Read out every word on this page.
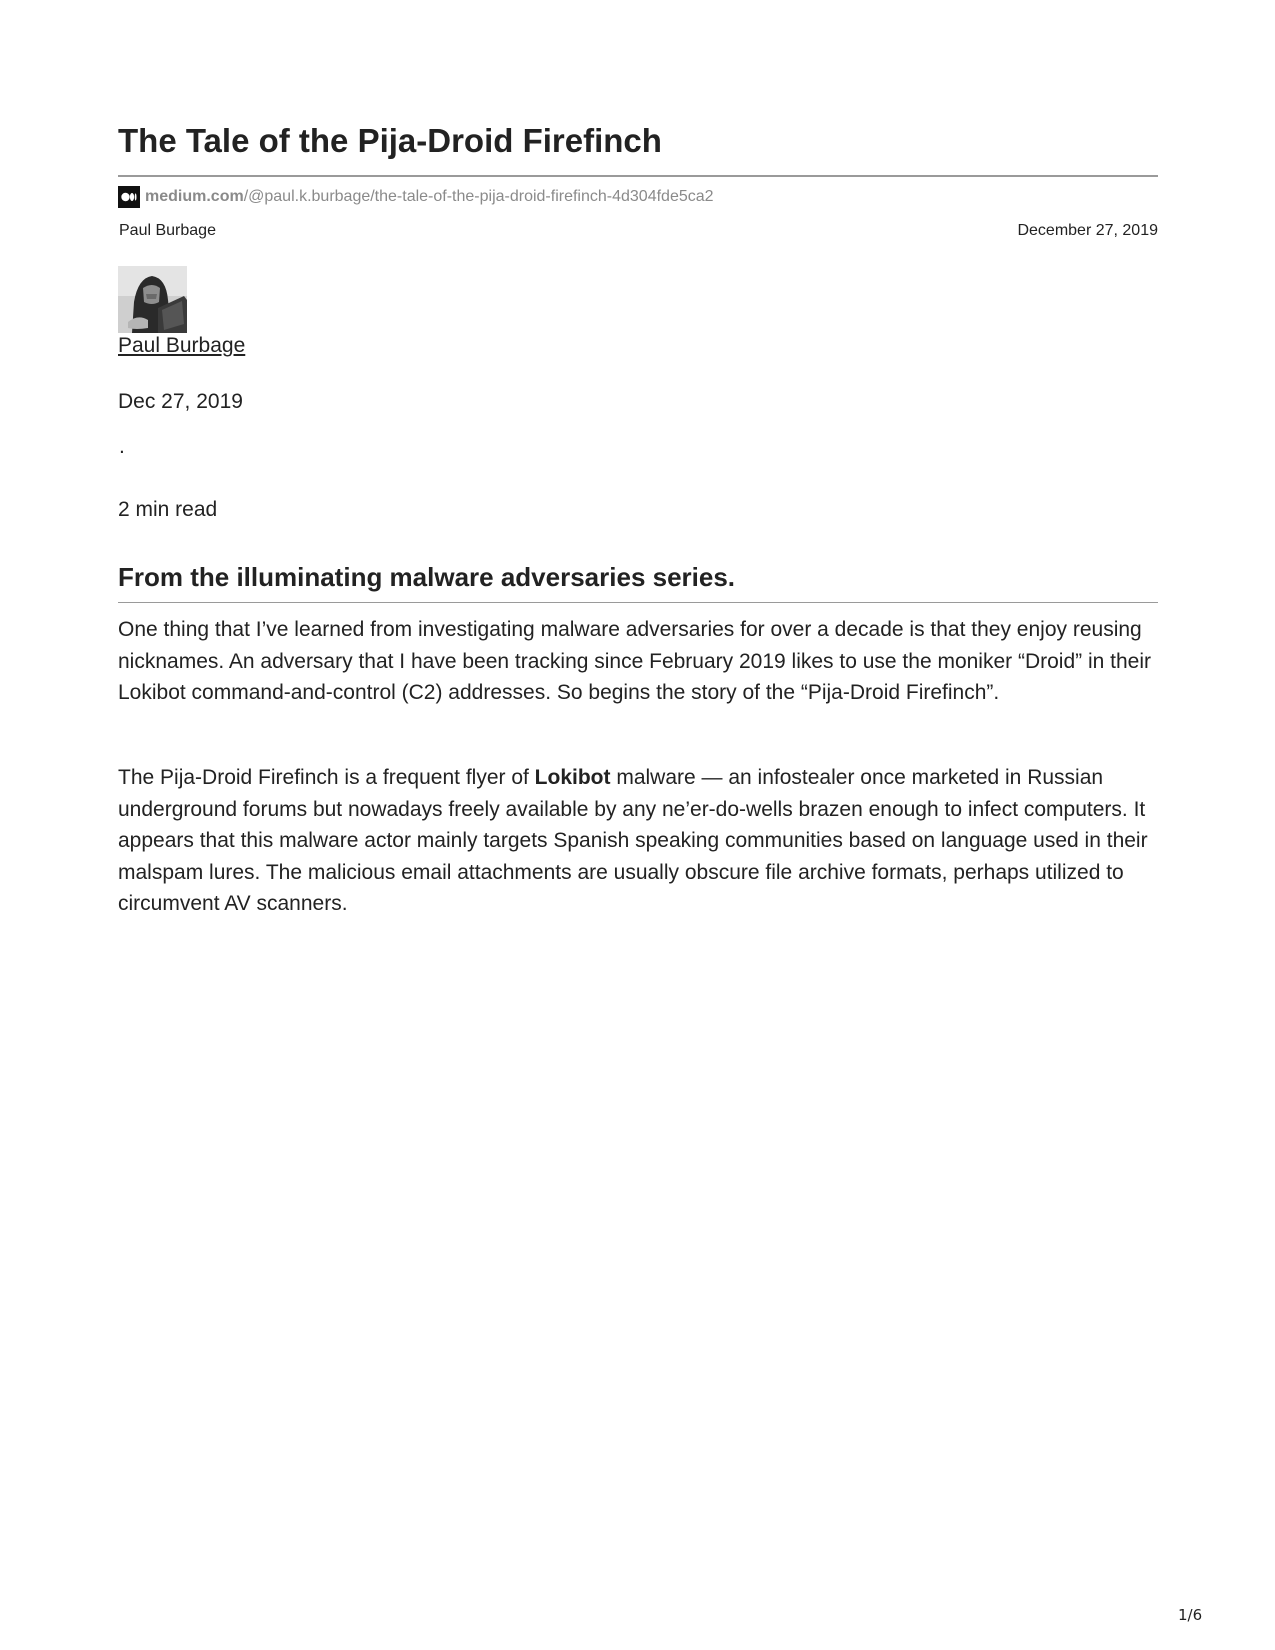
The Tale of the Pija-Droid Firefinch
medium.com /@paul.k.burbage/the-tale-of-the-pija-droid-firefinch-4d304fde5ca2
Paul Burbage	December 27, 2019
Paul Burbage
Dec 27, 2019
.
2 min read
From the illuminating malware adversaries series.

One thing that I’ve learned from investigating malware adversaries for over a decade is that they enjoy reusing nicknames. An adversary that I have been tracking since February 2019 likes to use the moniker “Droid” in their Lokibot command-and-control (C2) addresses. So begins the story of the “Pija-Droid Firefinch”.

The Pija-Droid Firefinch is a frequent flyer of Lokibot malware — an infostealer once marketed in Russian underground forums but nowadays freely available by any ne’er-do-wells brazen enough to infect computers. It appears that this malware actor mainly targets Spanish speaking communities based on language used in their malspam lures. The malicious email attachments are usually obscure file archive formats, perhaps utilized to circumvent AV scanners.

1/6
